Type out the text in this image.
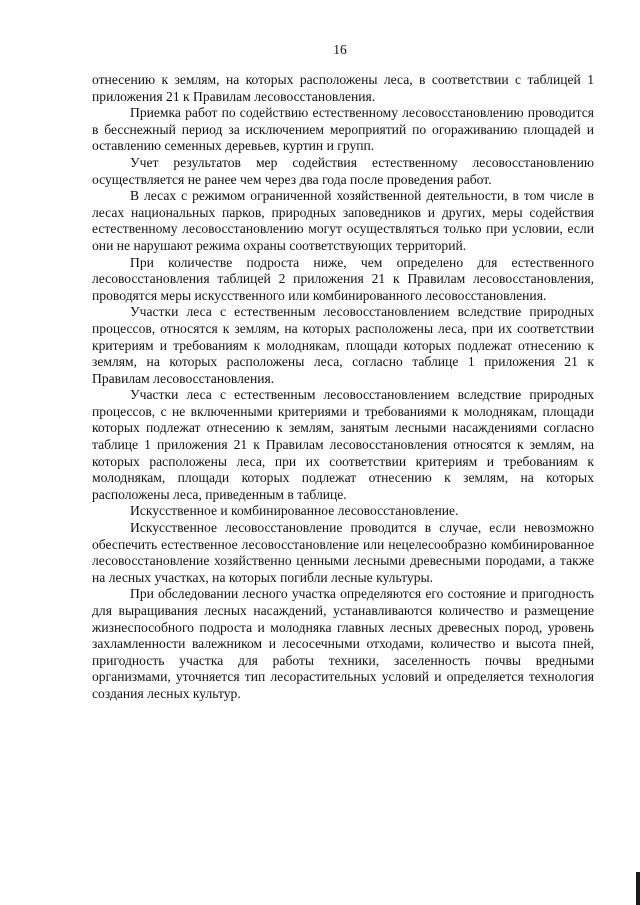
16

отнесению к землям, на которых расположены леса, в соответствии с таблицей 1 приложения 21 к Правилам лесовосстановления.

Приемка работ по содействию естественному лесовосстановлению проводится в бесснежный период за исключением мероприятий по огораживанию площадей и оставлению семенных деревьев, куртин и групп.

Учет результатов мер содействия естественному лесовосстановлению осуществляется не ранее чем через два года после проведения работ.

В лесах с режимом ограниченной хозяйственной деятельности, в том числе в лесах национальных парков, природных заповедников и других, меры содействия естественному лесовосстановлению могут осуществляться только при условии, если они не нарушают режима охраны соответствующих территорий.

При количестве подроста ниже, чем определено для естественного лесовосстановления таблицей 2 приложения 21 к Правилам лесовосстановления, проводятся меры искусственного или комбинированного лесовосстановления.

Участки леса с естественным лесовосстановлением вследствие природных процессов, относятся к землям, на которых расположены леса, при их соответствии критериям и требованиям к молоднякам, площади которых подлежат отнесению к землям, на которых расположены леса, согласно таблице 1 приложения 21 к Правилам лесовосстановления.

Участки леса с естественным лесовосстановлением вследствие природных процессов, с не включенными критериями и требованиями к молоднякам, площади которых подлежат отнесению к землям, занятым лесными насаждениями согласно таблице 1 приложения 21 к Правилам лесовосстановления относятся к землям, на которых расположены леса, при их соответствии критериям и требованиям к молоднякам, площади которых подлежат отнесению к землям, на которых расположены леса, приведенным в таблице.

Искусственное и комбинированное лесовосстановление.

Искусственное лесовосстановление проводится в случае, если невозможно обеспечить естественное лесовосстановление или нецелесообразно комбинированное лесовосстановление хозяйственно ценными лесными древесными породами, а также на лесных участках, на которых погибли лесные культуры.

При обследовании лесного участка определяются его состояние и пригодность для выращивания лесных насаждений, устанавливаются количество и размещение жизнеспособного подроста и молодняка главных лесных древесных пород, уровень захламленности валежником и лесосечными отходами, количество и высота пней, пригодность участка для работы техники, заселенность почвы вредными организмами, уточняется тип лесорастительных условий и определяется технология создания лесных культур.
